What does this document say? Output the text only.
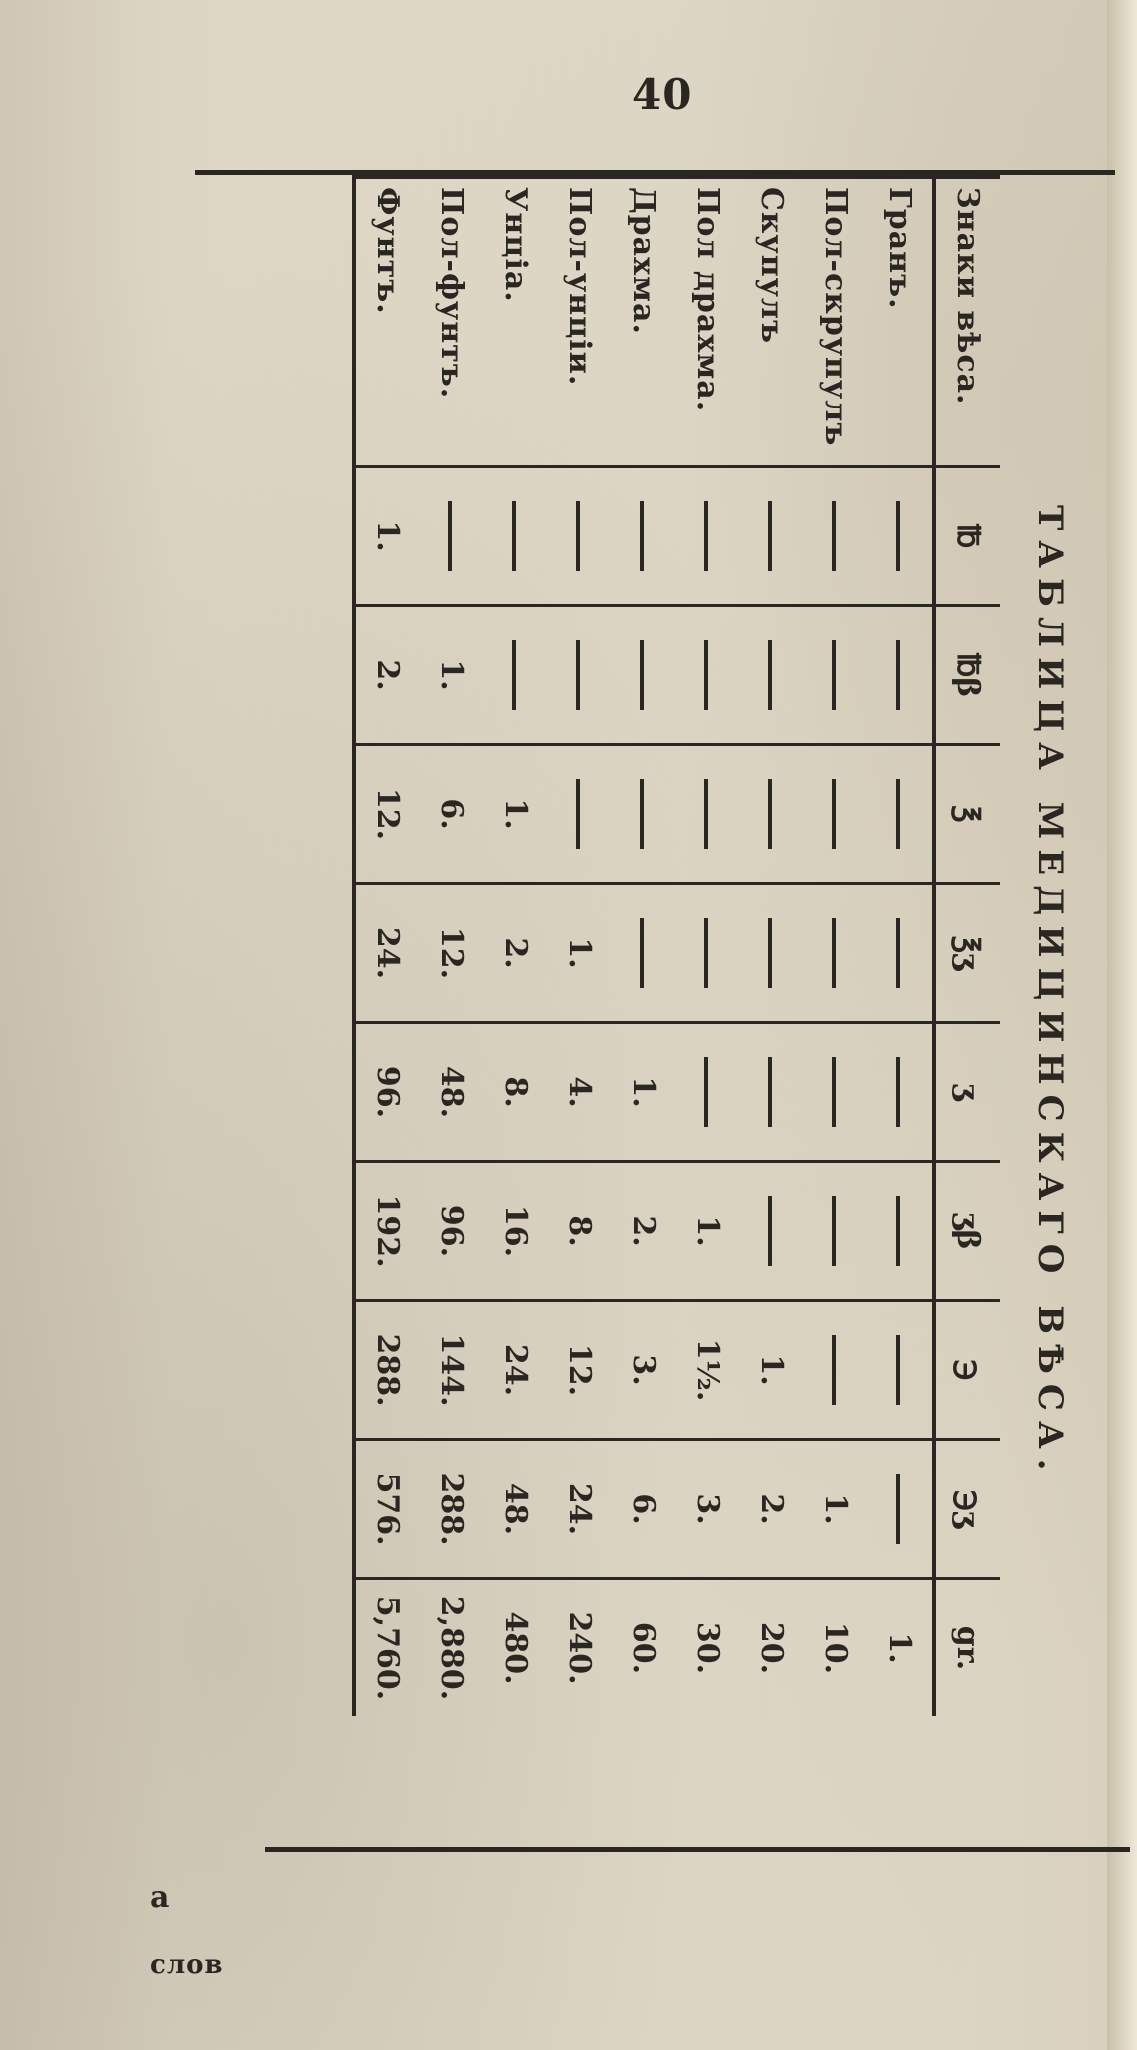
40
ТАБЛИЦА МЕДИЦИНСКАГО ВѢСА.
Знаки вѣса.	℔	℔β	℥	℥ʒ	ʒ	ʒβ	℈	℈ʒ	gr.
Гранъ.									1.
Пол-скрупулъ								1.	10.
Скупулъ							1.	2.	20.
Пол драхма.						1.	1½.	3.	30.
Драхма.					1.	2.	3.	6.	60.
Пол-унціи.				1.	4.	8.	12.	24.	240.
Унціа.			1.	2.	8.	16.	24.	48.	480.
Пол-фунтъ.		1.	6.	12.	48.	96.	144.	288.	2,880.
Фунтъ.	1.	2.	12.	24.	96.	192.	288.	576.	5,760.
а
слов
